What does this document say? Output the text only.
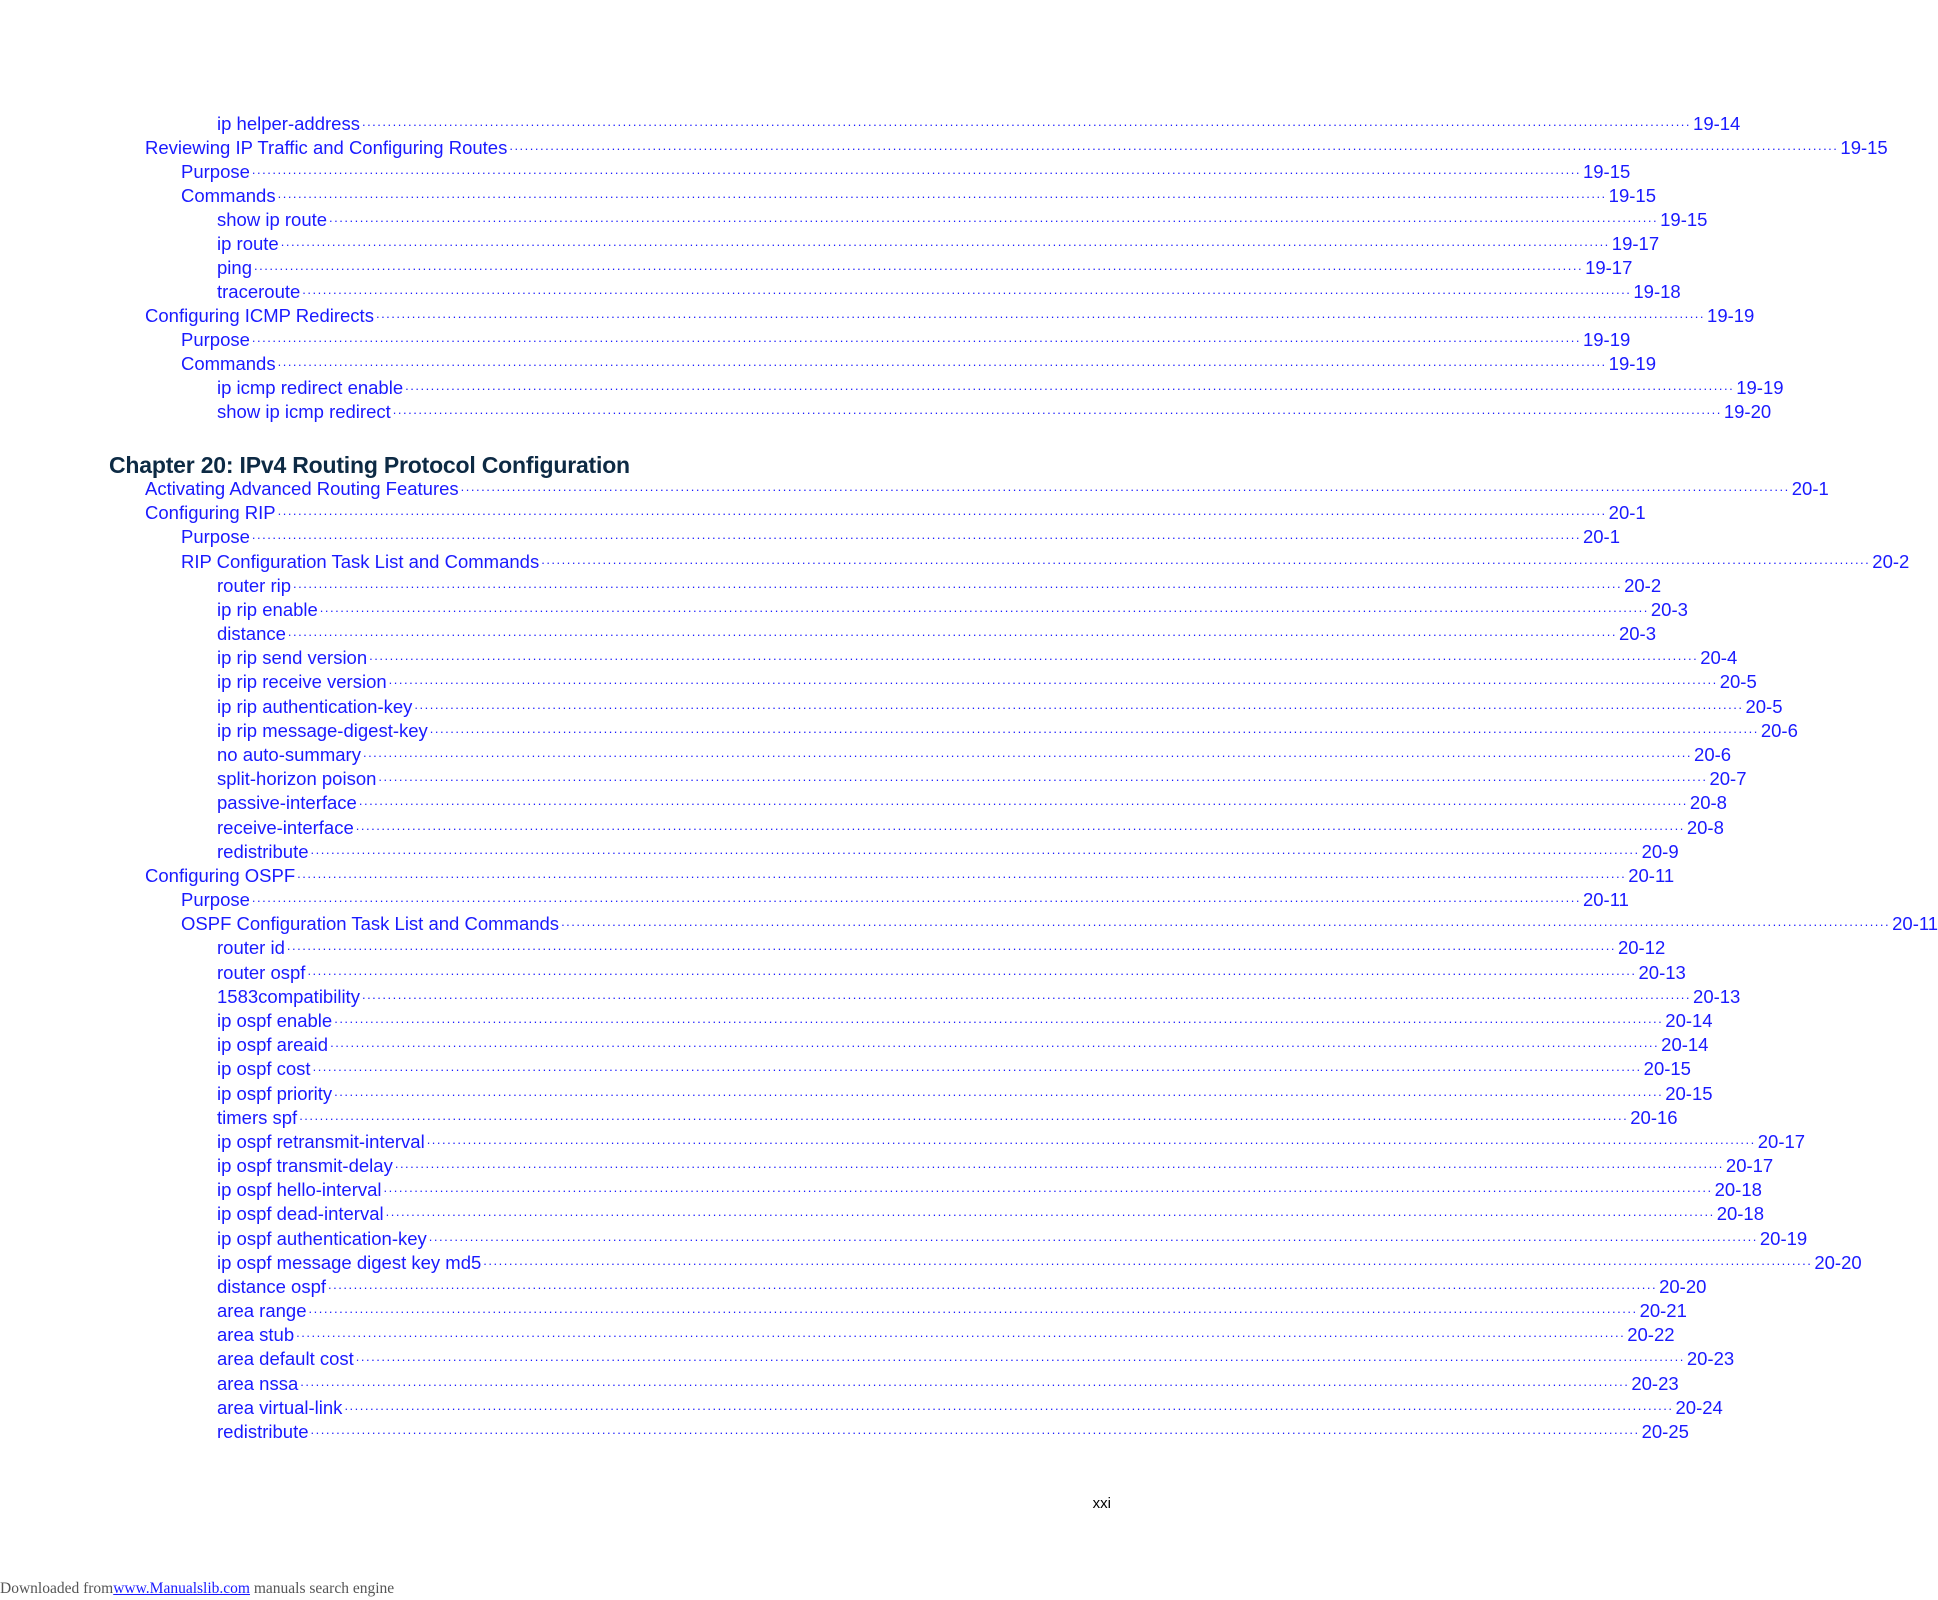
ip helper-address .................................................................................................................................................................................................................................................................... 19-14
Reviewing IP Traffic and Configuring Routes .................................................................................................................................................................................................................................................................... 19-15
Purpose .................................................................................................................................................................................................................................................................... 19-15
Commands .................................................................................................................................................................................................................................................................... 19-15
show ip route .................................................................................................................................................................................................................................................................... 19-15
ip route .................................................................................................................................................................................................................................................................... 19-17
ping .................................................................................................................................................................................................................................................................... 19-17
traceroute .................................................................................................................................................................................................................................................................... 19-18
Configuring ICMP Redirects .................................................................................................................................................................................................................................................................... 19-19
Purpose .................................................................................................................................................................................................................................................................... 19-19
Commands .................................................................................................................................................................................................................................................................... 19-19
ip icmp redirect enable .................................................................................................................................................................................................................................................................... 19-19
show ip icmp redirect .................................................................................................................................................................................................................................................................... 19-20
Chapter 20: IPv4 Routing Protocol Configuration
Activating Advanced Routing Features .................................................................................................................................................................................................................................................................... 20-1
Configuring RIP .................................................................................................................................................................................................................................................................... 20-1
Purpose .................................................................................................................................................................................................................................................................... 20-1
RIP Configuration Task List and Commands .................................................................................................................................................................................................................................................................... 20-2
router rip .................................................................................................................................................................................................................................................................... 20-2
ip rip enable .................................................................................................................................................................................................................................................................... 20-3
distance .................................................................................................................................................................................................................................................................... 20-3
ip rip send version .................................................................................................................................................................................................................................................................... 20-4
ip rip receive version .................................................................................................................................................................................................................................................................... 20-5
ip rip authentication-key .................................................................................................................................................................................................................................................................... 20-5
ip rip message-digest-key .................................................................................................................................................................................................................................................................... 20-6
no auto-summary .................................................................................................................................................................................................................................................................... 20-6
split-horizon poison .................................................................................................................................................................................................................................................................... 20-7
passive-interface .................................................................................................................................................................................................................................................................... 20-8
receive-interface .................................................................................................................................................................................................................................................................... 20-8
redistribute .................................................................................................................................................................................................................................................................... 20-9
Configuring OSPF .................................................................................................................................................................................................................................................................... 20-11
Purpose .................................................................................................................................................................................................................................................................... 20-11
OSPF Configuration Task List and Commands .................................................................................................................................................................................................................................................................... 20-11
router id .................................................................................................................................................................................................................................................................... 20-12
router ospf .................................................................................................................................................................................................................................................................... 20-13
1583compatibility .................................................................................................................................................................................................................................................................... 20-13
ip ospf enable .................................................................................................................................................................................................................................................................... 20-14
ip ospf areaid .................................................................................................................................................................................................................................................................... 20-14
ip ospf cost .................................................................................................................................................................................................................................................................... 20-15
ip ospf priority .................................................................................................................................................................................................................................................................... 20-15
timers spf .................................................................................................................................................................................................................................................................... 20-16
ip ospf retransmit-interval .................................................................................................................................................................................................................................................................... 20-17
ip ospf transmit-delay .................................................................................................................................................................................................................................................................... 20-17
ip ospf hello-interval .................................................................................................................................................................................................................................................................... 20-18
ip ospf dead-interval .................................................................................................................................................................................................................................................................... 20-18
ip ospf authentication-key .................................................................................................................................................................................................................................................................... 20-19
ip ospf message digest key md5 .................................................................................................................................................................................................................................................................... 20-20
distance ospf .................................................................................................................................................................................................................................................................... 20-20
area range .................................................................................................................................................................................................................................................................... 20-21
area stub .................................................................................................................................................................................................................................................................... 20-22
area default cost .................................................................................................................................................................................................................................................................... 20-23
area nssa .................................................................................................................................................................................................................................................................... 20-23
area virtual-link .................................................................................................................................................................................................................................................................... 20-24
redistribute .................................................................................................................................................................................................................................................................... 20-25
xxi
Downloaded fromwww.Manualslib.com manuals search engine
